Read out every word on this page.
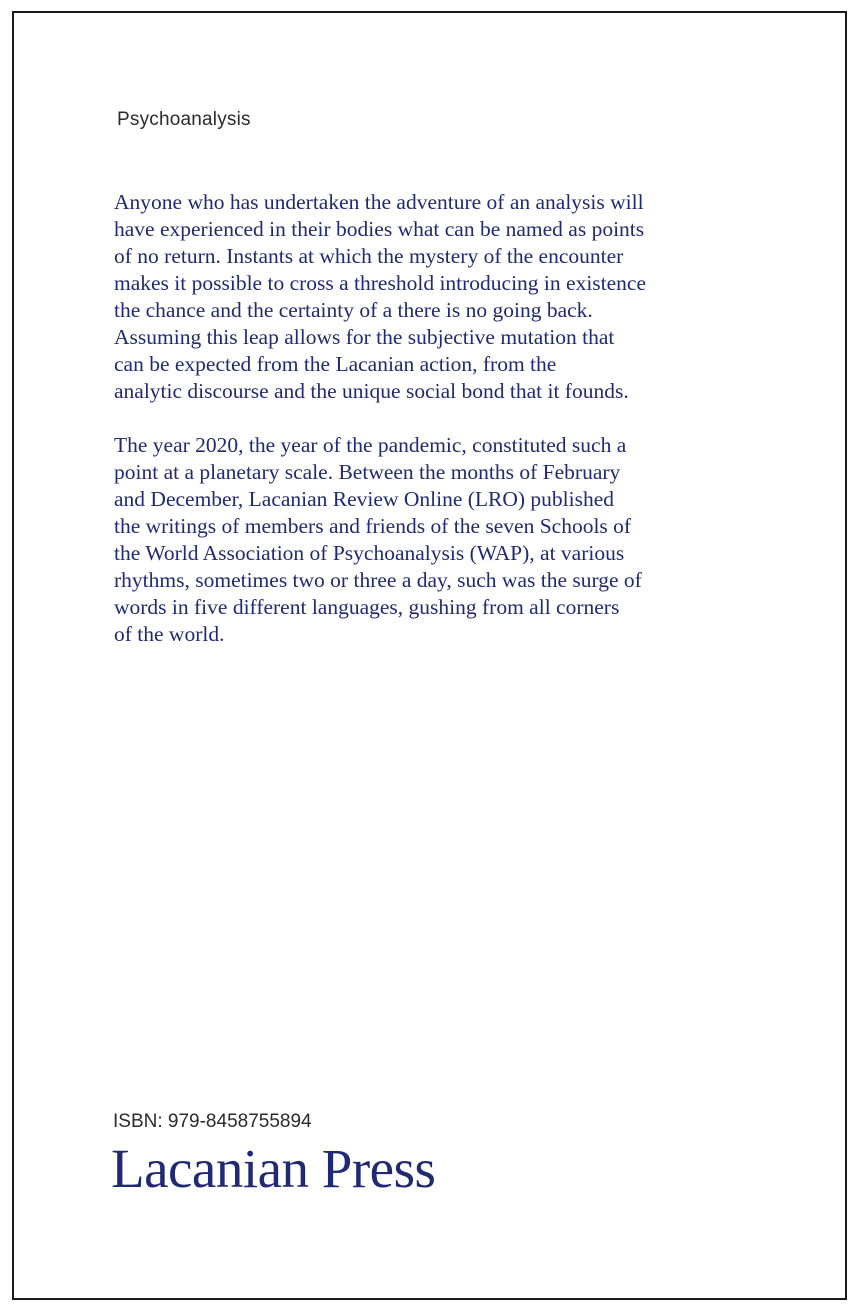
Psychoanalysis

Anyone who has undertaken the adventure of an analysis will
have experienced in their bodies what can be named as points
of no return. Instants at which the mystery of the encounter
makes it possible to cross a threshold introducing in existence
the chance and the certainty of a there is no going back.
Assuming this leap allows for the subjective mutation that
can be expected from the Lacanian action, from the
analytic discourse and the unique social bond that it founds.

The year 2020, the year of the pandemic, constituted such a
point at a planetary scale. Between the months of February
and December, Lacanian Review Online (LRO) published
the writings of members and friends of the seven Schools of
the World Association of Psychoanalysis (WAP), at various
rhythms, sometimes two or three a day, such was the surge of
words in five different languages, gushing from all corners
of the world.

ISBN: 979-8458755894
Lacanian Press
